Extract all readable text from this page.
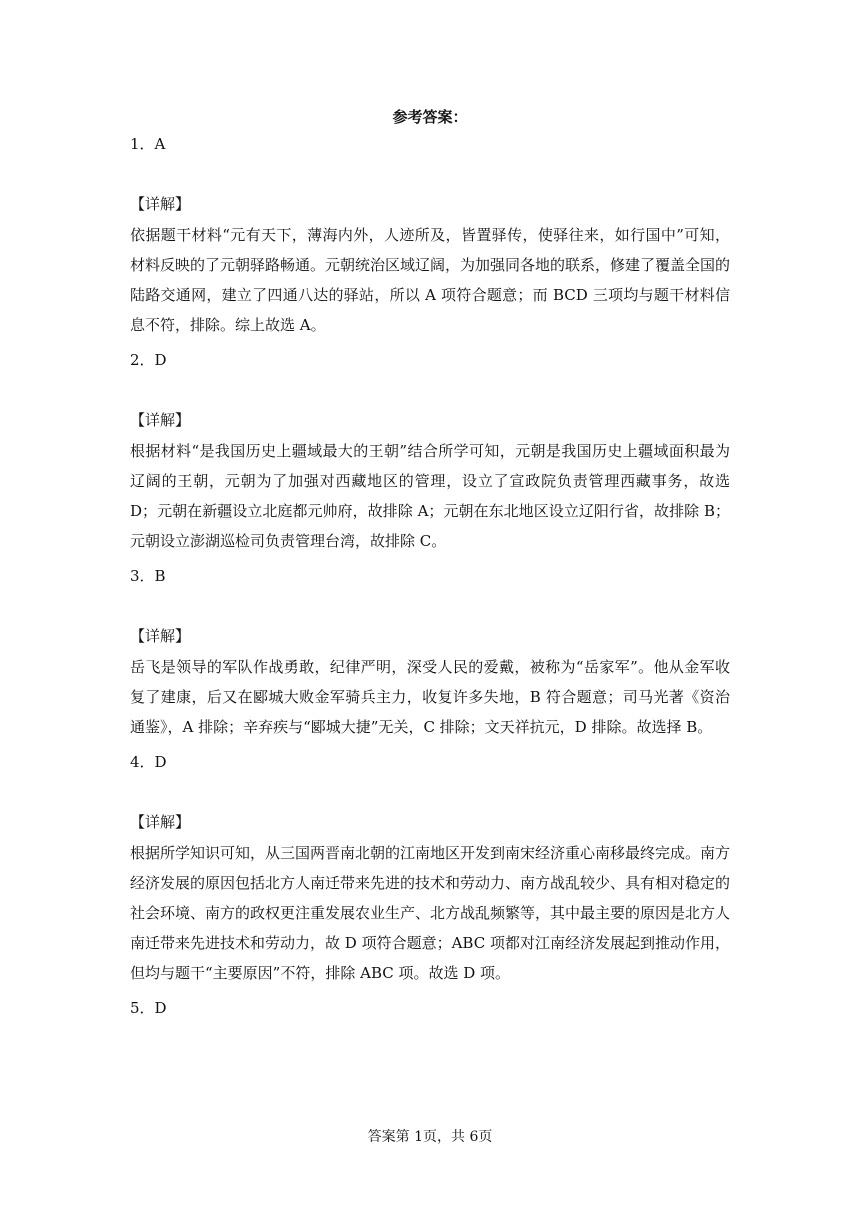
参考答案：

1．A

【详解】

依据题干材料“元有天下，薄海内外，人迹所及，皆置驿传，使驿往来，如行国中”可知，材料反映的了元朝驿路畅通。元朝统治区域辽阔，为加强同各地的联系，修建了覆盖全国的陆路交通网，建立了四通八达的驿站，所以 A 项符合题意；而 BCD 三项均与题干材料信息不符，排除。综上故选 A。

2．D

【详解】

根据材料“是我国历史上疆域最大的王朝”结合所学可知，元朝是我国历史上疆域面积最为辽阔的王朝，元朝为了加强对西藏地区的管理，设立了宣政院负责管理西藏事务，故选 D；元朝在新疆设立北庭都元帅府，故排除 A；元朝在东北地区设立辽阳行省，故排除 B；元朝设立澎湖巡检司负责管理台湾，故排除 C。

3．B

【详解】

岳飞是领导的军队作战勇敢，纪律严明，深受人民的爱戴，被称为“岳家军”。他从金军收复了建康，后又在郾城大败金军骑兵主力，收复许多失地，B 符合题意；司马光著《资治通鉴》，A 排除；辛弃疾与“郾城大捷”无关，C 排除；文天祥抗元，D 排除。故选择 B。

4．D

【详解】

根据所学知识可知，从三国两晋南北朝的江南地区开发到南宋经济重心南移最终完成。南方经济发展的原因包括北方人南迁带来先进的技术和劳动力、南方战乱较少、具有相对稳定的社会环境、南方的政权更注重发展农业生产、北方战乱频繁等，其中最主要的原因是北方人南迁带来先进技术和劳动力，故 D 项符合题意；ABC 项都对江南经济发展起到推动作用，但均与题干“主要原因”不符，排除 ABC 项。故选 D 项。

5．D

答案第 1页，共 6页
